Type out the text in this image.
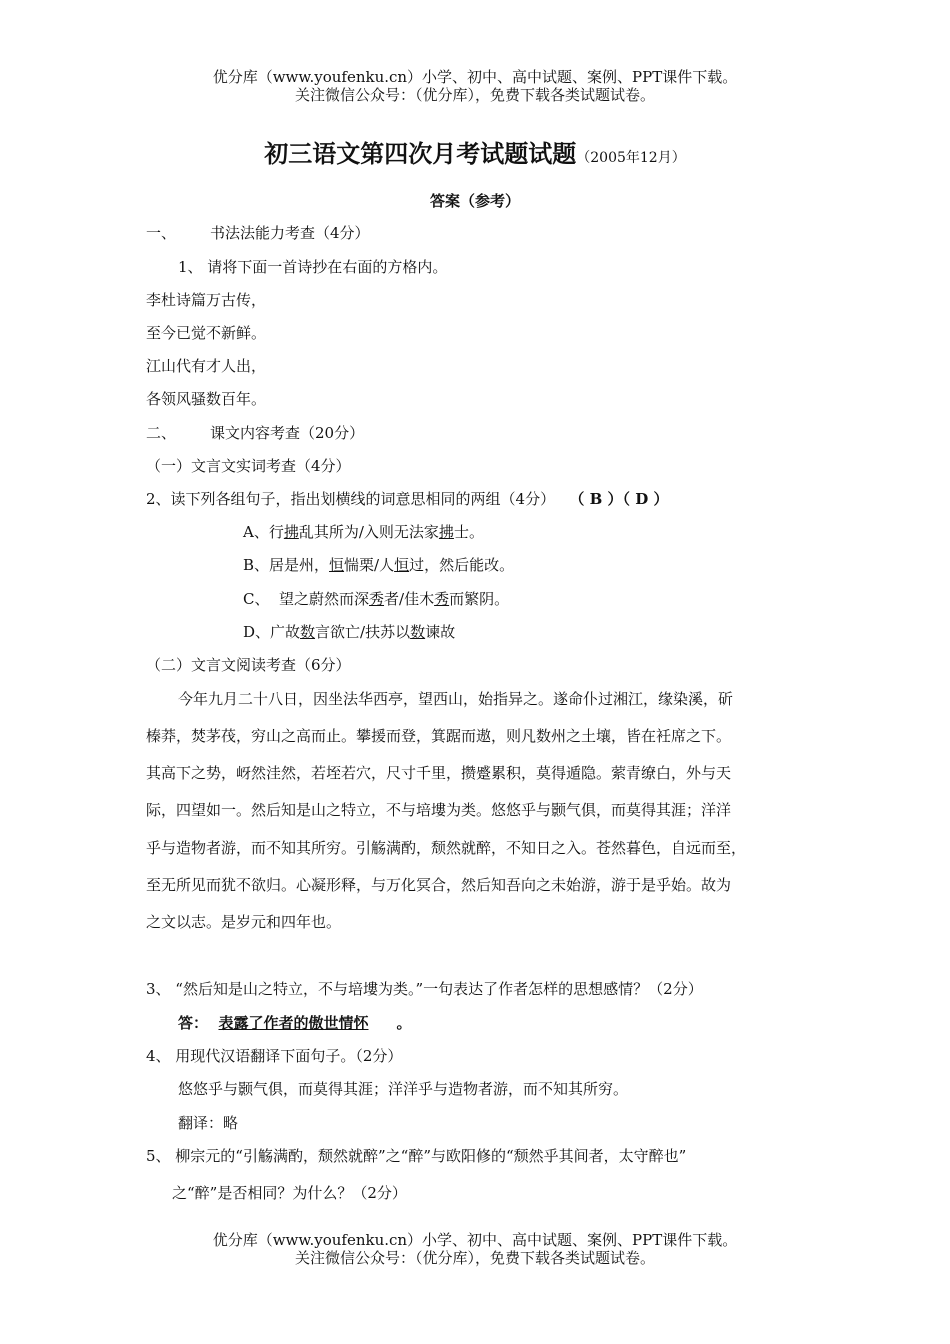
优分库（www.youfenku.cn）小学、初中、高中试题、案例、PPT课件下载。
关注微信公众号：（优分库），免费下载各类试题试卷。
初三语文第四次月考试题试题（2005年12月）
答案（参考）
一、 书法法能力考查（4分）
1、 请将下面一首诗抄在右面的方格内。
李杜诗篇万古传，
至今已觉不新鲜。
江山代有才人出，
各领风骚数百年。
二、 课文内容考查（20分）
（一）文言文实词考查（4分）
2、读下列各组句子，指出划横线的词意思相同的两组（4分） （ B ）（ D ）
A、行拂乱其所为/入则无法家拂士。
B、居是州，恒惴栗/人恒过，然后能改。
C、  望之蔚然而深秀者/佳木秀而繁阴。
D、广故数言欲亡/扶苏以数谏故
（二）文言文阅读考查（6分）
今年九月二十八日，因坐法华西亭，望西山，始指异之。遂命仆过湘江，缘染溪，斫
榛莽，焚茅茷，穷山之高而止。攀援而登，箕踞而遨，则凡数州之土壤，皆在衽席之下。
其高下之势，岈然洼然，若垤若穴，尺寸千里，攒蹙累积，莫得遁隐。萦青缭白，外与天
际，四望如一。然后知是山之特立，不与培塿为类。悠悠乎与颢气俱，而莫得其涯；洋洋
乎与造物者游，而不知其所穷。引觞满酌，颓然就醉，不知日之入。苍然暮色，自远而至，
至无所见而犹不欲归。心凝形释，与万化冥合，然后知吾向之未始游，游于是乎始。故为
之文以志。是岁元和四年也。
3、 “然后知是山之特立，不与培塿为类。”一句表达了作者怎样的思想感情？（2分）
答： 表露了作者的傲世情怀 。
4、 用现代汉语翻译下面句子。（2分）
悠悠乎与颢气俱，而莫得其涯；洋洋乎与造物者游，而不知其所穷。
翻译：略
5、 柳宗元的“引觞满酌，颓然就醉”之“醉”与欧阳修的“颓然乎其间者，太守醉也”
之“醉”是否相同？为什么？（2分）
优分库（www.youfenku.cn）小学、初中、高中试题、案例、PPT课件下载。
关注微信公众号：（优分库），免费下载各类试题试卷。
